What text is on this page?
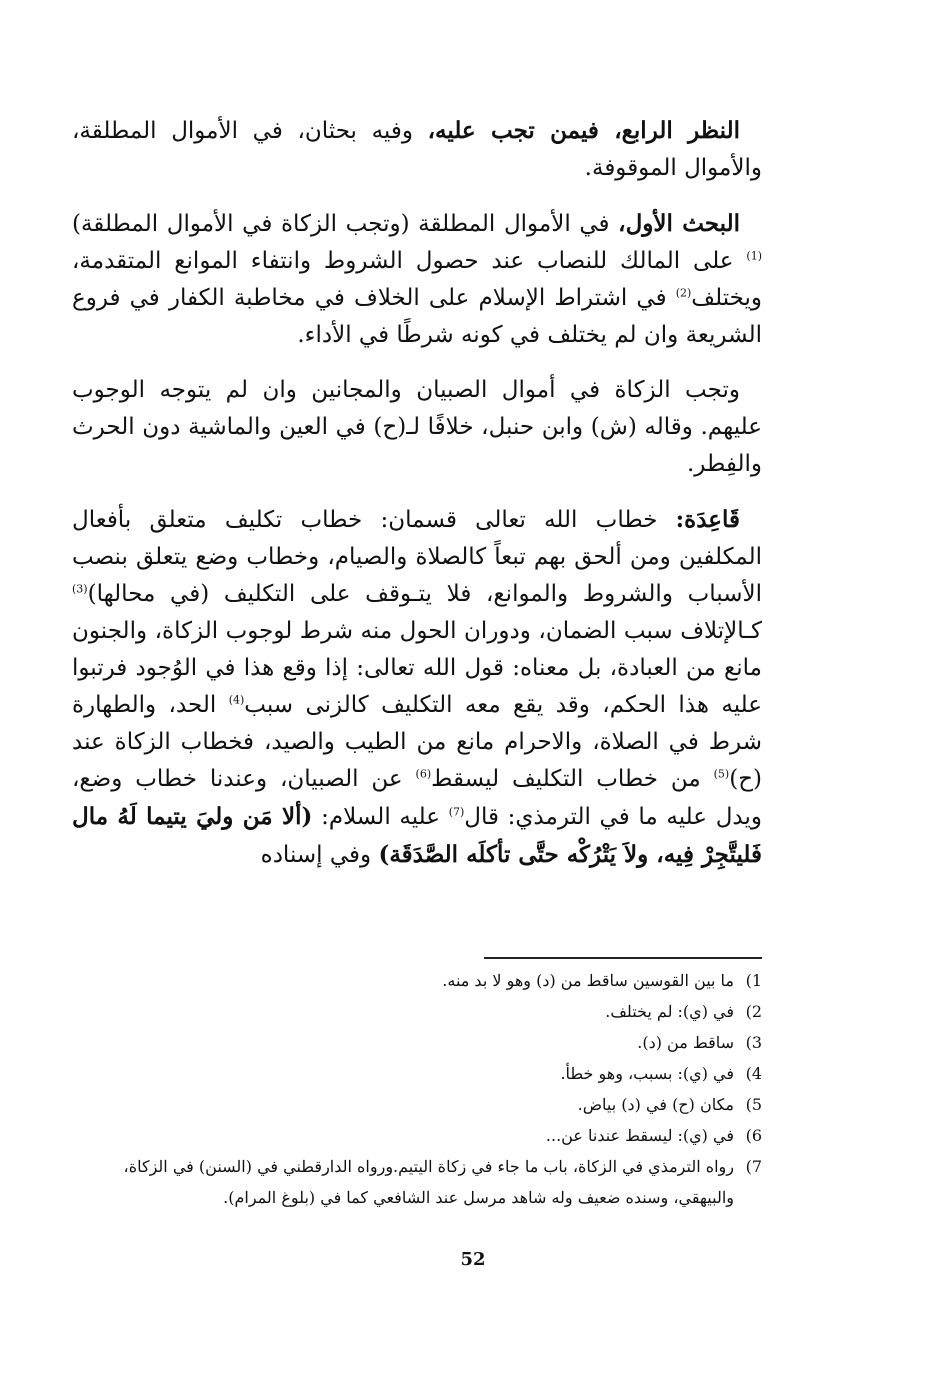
النظر الرابع، فيمن تجب عليه، وفيه بحثان، في الأموال المطلقة، والأموال الموقوفة.

البحث الأول، في الأموال المطلقة (وتجب الزكاة في الأموال المطلقة)$^{(1)}$ على المالك للنصاب عند حصول الشروط وانتفاء الموانع المتقدمة، ويختلف$^{(2)}$ في اشتراط الإسلام على الخلاف في مخاطبة الكفار في فروع الشريعة وان لم يختلف في كونه شرطًا في الأداء.

وتجب الزكاة في أموال الصبيان والمجانين وان لم يتوجه الوجوب عليهم. وقاله (ش) وابن حنبل، خلافًا لـ(ح) في العين والماشية دون الحرث والفِطر.

قَاعِدَة: خطاب الله تعالى قسمان: خطاب تكليف متعلق بأفعال المكلفين ومن ألحق بهم تبعاً كالصلاة والصيام، وخطاب وضع يتعلق بنصب الأسباب والشروط والموانع، فلا يتـوقف على التكليف (في محالها)$^{(3)}$ كـالإتلاف سبب الضمان، ودوران الحول منه شرط لوجوب الزكاة، والجنون مانع من العبادة، بل معناه: قول الله تعالى: إذا وقع هذا في الوُجود فرتبوا عليه هذا الحكم، وقد يقع معه التكليف كالزنى سبب$^{(4)}$ الحد، والطهارة شرط في الصلاة، والاحرام مانع من الطيب والصيد، فخطاب الزكاة عند (ح)$^{(5)}$ من خطاب التكليف ليسقط$^{(6)}$ عن الصبيان، وعندنا خطاب وضع، ويدل عليه ما في الترمذي: قال$^{(7)}$ عليه السلام: (ألا مَن وليَ يتيما لَهُ مال فَليتَّجِرْ فِيه، ولاَ يَتْرُكْه حتَّى تأكلَه الصَّدَقَة) وفي إسناده

(1
ما بين القوسين ساقط من (د) وهو لا بد منه.
(2
في (ي): لم يختلف.
(3
ساقط من (د).
(4
في (ي): بسبب، وهو خطأ.
(5
مكان (ح) في (د) بياض.
(6
في (ي): ليسقط عندنا عن...
(7
رواه الترمذي في الزكاة، باب ما جاء في زكاة اليتيم.ورواه الدارقطني في (السنن) في الزكاة، والبيهقي، وسنده ضعيف وله شاهد مرسل عند الشافعي كما في (بلوغ المرام).
52
